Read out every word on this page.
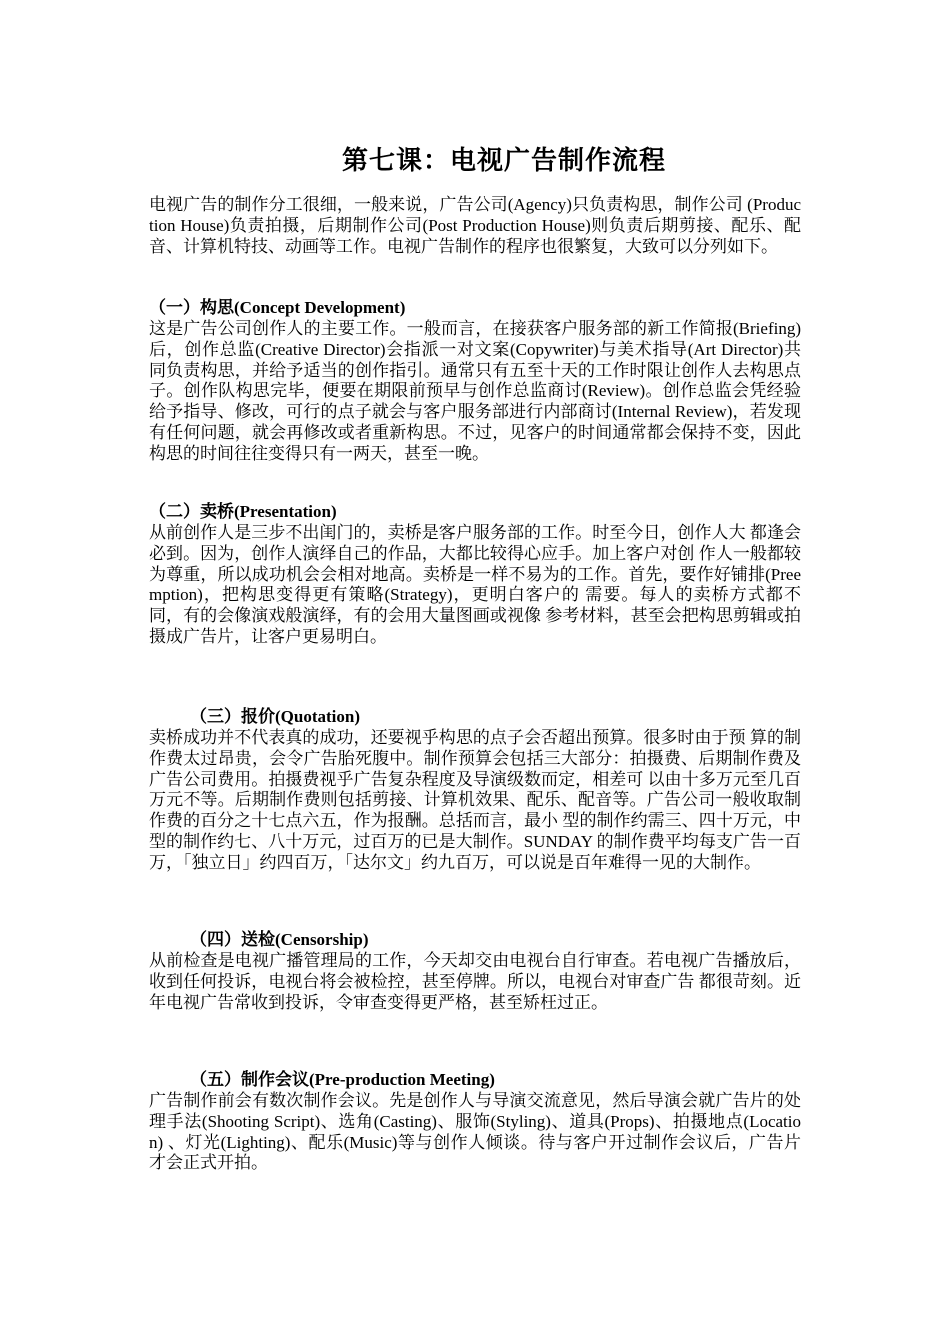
第七课：电视广告制作流程

电视广告的制作分工很细，一般来说，广告公司(Agency)只负责构思，制作公司 (Production House)负责拍摄，后期制作公司(Post Production House)则负责后期剪接、配乐、配音、计算机特技、动画等工作。电视广告制作的程序也很繁复，大致可以分列如下。

（一）构思(Concept Development)

这是广告公司创作人的主要工作。一般而言，在接获客户服务部的新工作简报(Briefing)后，创作总监(Creative Director)会指派一对文案(Copywriter)与美术指导(Art Director)共同负责构思，并给予适当的创作指引。通常只有五至十天的工作时限让创作人去构思点子。创作队构思完毕，便要在期限前预早与创作总监商讨(Review)。创作总监会凭经验给予指导、修改，可行的点子就会与客户服务部进行内部商讨(Internal Review)，若发现有任何问题，就会再修改或者重新构思。不过，见客户的时间通常都会保持不变，因此构思的时间往往变得只有一两天，甚至一晚。

（二）卖桥(Presentation)

从前创作人是三步不出闺门的，卖桥是客户服务部的工作。时至今日，创作人大 都逢会必到。因为，创作人演绎自己的作品，大都比较得心应手。加上客户对创 作人一般都较为尊重，所以成功机会会相对地高。卖桥是一样不易为的工作。首先，要作好铺排(Preemption)，把构思变得更有策略(Strategy)，更明白客户的 需要。每人的卖桥方式都不同，有的会像演戏般演绎，有的会用大量图画或视像 参考材料，甚至会把构思剪辑或拍摄成广告片，让客户更易明白。

（三）报价(Quotation)

卖桥成功并不代表真的成功，还要视乎构思的点子会否超出预算。很多时由于预 算的制作费太过昂贵，会令广告胎死腹中。制作预算会包括三大部分：拍摄费、后期制作费及广告公司费用。拍摄费视乎广告复杂程度及导演级数而定，相差可 以由十多万元至几百万元不等。后期制作费则包括剪接、计算机效果、配乐、配音等。广告公司一般收取制作费的百分之十七点六五，作为报酬。总括而言，最小 型的制作约需三、四十万元，中型的制作约七、八十万元，过百万的已是大制作。SUNDAY 的制作费平均每支广告一百万，「独立日」约四百万，「达尔文」约九百万，可以说是百年难得一见的大制作。

（四）送检(Censorship)

从前检查是电视广播管理局的工作，今天却交由电视台自行审查。若电视广告播放后，收到任何投诉，电视台将会被检控，甚至停牌。所以，电视台对审查广告 都很苛刻。近年电视广告常收到投诉，令审查变得更严格，甚至矫枉过正。

（五）制作会议(Pre-production Meeting)

广告制作前会有数次制作会议。先是创作人与导演交流意见，然后导演会就广告片的处理手法(Shooting Script)、选角(Casting)、服饰(Styling)、道具(Props)、拍摄地点(Location) 、灯光(Lighting)、配乐(Music)等与创作人倾谈。待与客户开过制作会议后，广告片才会正式开拍。
